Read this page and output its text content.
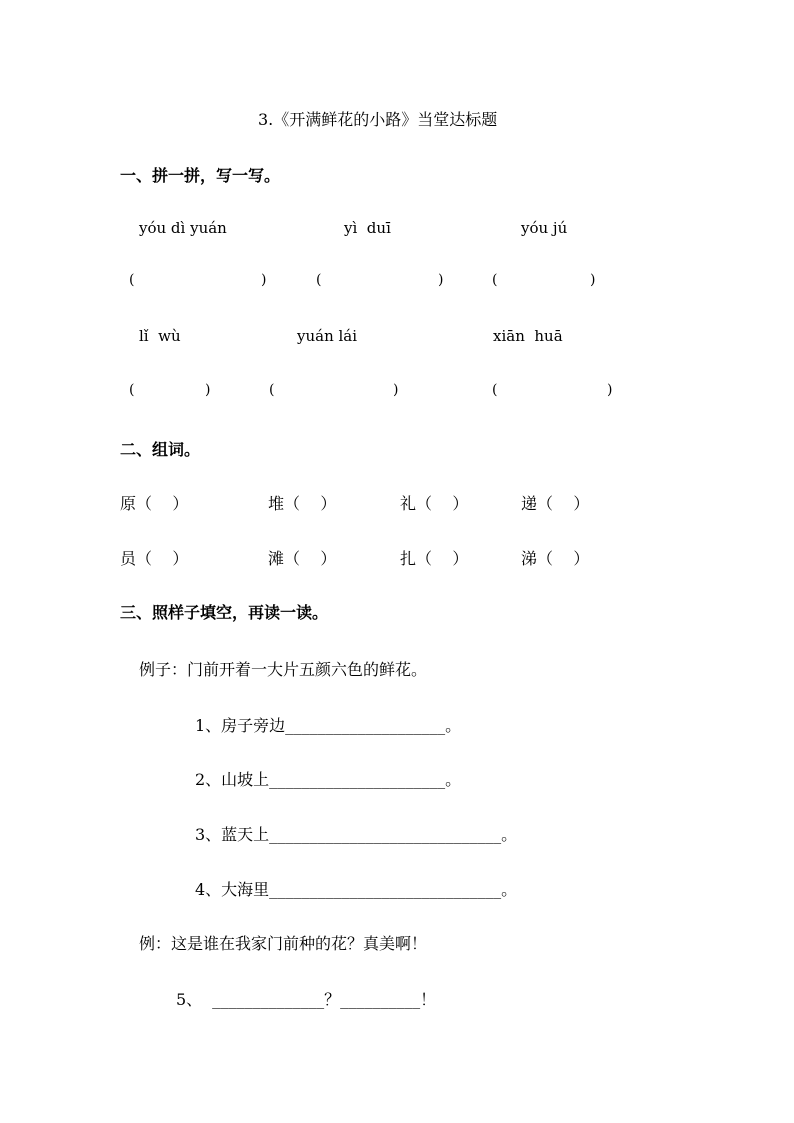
3.《开满鲜花的小路》当堂达标题
一、拼一拼，写一写。
yóu dì yuán	yì  duī	yóu jú
(	)	(	)	(	)
lǐ  wù	yuán lái	xiān  huā
(	)	(	)	(	)
二、组词。
原（    ）	堆（    ）	礼（    ）	递（    ）
员（    ）	滩（    ）	扎（    ）	涕（    ）
三、照样子填空，再读一读。
例子：门前开着一大片五颜六色的鲜花。
1、房子旁边____________________。
2、山坡上______________________。
3、蓝天上_____________________________。
4、大海里_____________________________。
例：这是谁在我家门前种的花？真美啊！
5、 ______________？__________！
